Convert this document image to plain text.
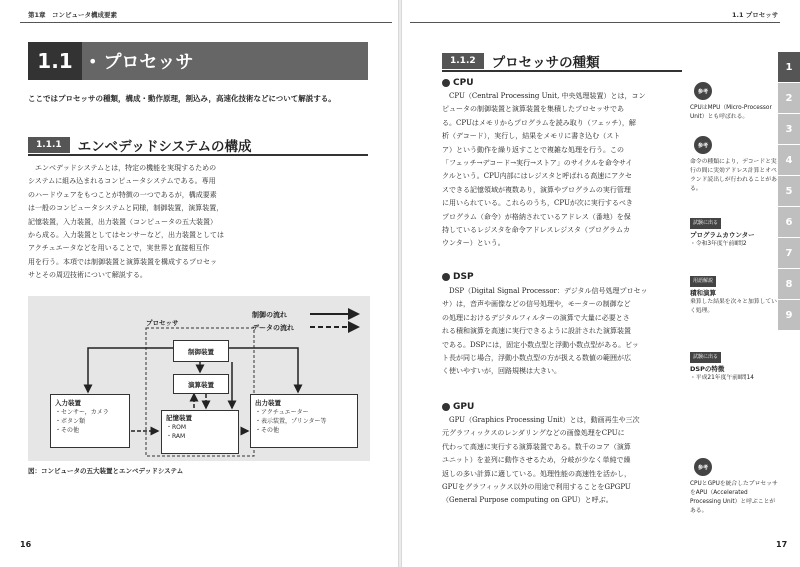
第1章　コンピュータ構成要素
1.1 • プロセッサ
ここではプロセッサの種類，構成・動作原理，割込み，高速化技術などについて解説する。
1.1.1	エンベデッドシステムの構成
　エンベデッドシステムとは，特定の機能を実現するための
システムに組み込まれるコンピュータシステムである。専用
のハードウェアをもつことが特徴の一つであるが，構成要素
は一般のコンピュータシステムと同様，制御装置，演算装置，
記憶装置，入力装置，出力装置（コンピュータの五大装置）
から成る。入力装置としてはセンサーなど，出力装置としては
アクチュエータなどを用いることで，実世界と直接相互作
用を行う。本項では制御装置と演算装置を構成するプロセッ
サとその周辺技術について解説する。
制御の流れ
データの流れ
プロセッサ
制御装置
演算装置
記憶装置
・ROM
・RAM
入力装置
・センサー，カメラ
・ボタン類
・その他
出力装置
・アクチュエーター
・表示装置，プリンター等
・その他
図：コンピュータの五大装置とエンベデッドシステム
16
1.1 プロセッサ
1.1.2	プロセッサの種類
CPU
　CPU（Central Processing Unit, 中央処理装置）とは，コン
ピュータの制御装置と演算装置を集積したプロセッサであ
る。CPUはメモリからプログラムを読み取り（フェッチ），解
析（デコード），実行し，結果をメモリに書き込む（スト
ア）という動作を繰り返すことで複雑な処理を行う。この
「フェッチ→デコード→実行→ストア」のサイクルを命令サイ
クルという。CPU内部にはレジスタと呼ばれる高速にアクセ
スできる記憶領域が複数あり，演算やプログラムの実行管理
に用いられている。これらのうち，CPUが次に実行するべき
プログラム（命令）が格納されているアドレス（番地）を保
持しているレジスタを命令アドレスレジスタ（プログラムカ
ウンター）という。
DSP
　DSP（Digital Signal Processor：デジタル信号処理プロセッ
サ）は，音声や画像などの信号処理や，モーターの制御など
の処理におけるデジタルフィルターの演算で大量に必要とさ
れる積和演算を高速に実行できるように設計された演算装置
である。DSPには，固定小数点型と浮動小数点型がある。ビッ
ト長が同じ場合，浮動小数点型の方が扱える数値の範囲が広
く使いやすいが，回路規模は大きい。
GPU
　GPU（Graphics Processing Unit）とは，動画再生や三次
元グラフィックスのレンダリングなどの画像処理をCPUに
代わって高速に実行する演算装置である。数千のコア（演算
ユニット）を並列に動作させるため，分岐が少なく単純で繰
返しの多い計算に適している。処理性能の高速性を活かし，
GPUをグラフィックス以外の用途で利用することをGPGPU
（General Purpose computing on GPU）と呼ぶ。
17
1
2
3
4
5
6
7
8
9
参考
CPUはMPU（Micro-Processor Unit）とも呼ばれる。
参考
命令の種類により，デコードと実行の間に実効アドレス計算とオペランド読出しが行われることがある。
試験に出る
プログラムカウンター
・令和3年度午前Ⅱ問2
用語解説
積和演算
乗算した結果を次々と加算していく処理。
試験に出る
DSPの特徴
・平成21年度午前Ⅱ問14
参考
CPUとGPUを統合したプロセッサをAPU（Accelerated Processing Unit）と呼ぶことがある。
